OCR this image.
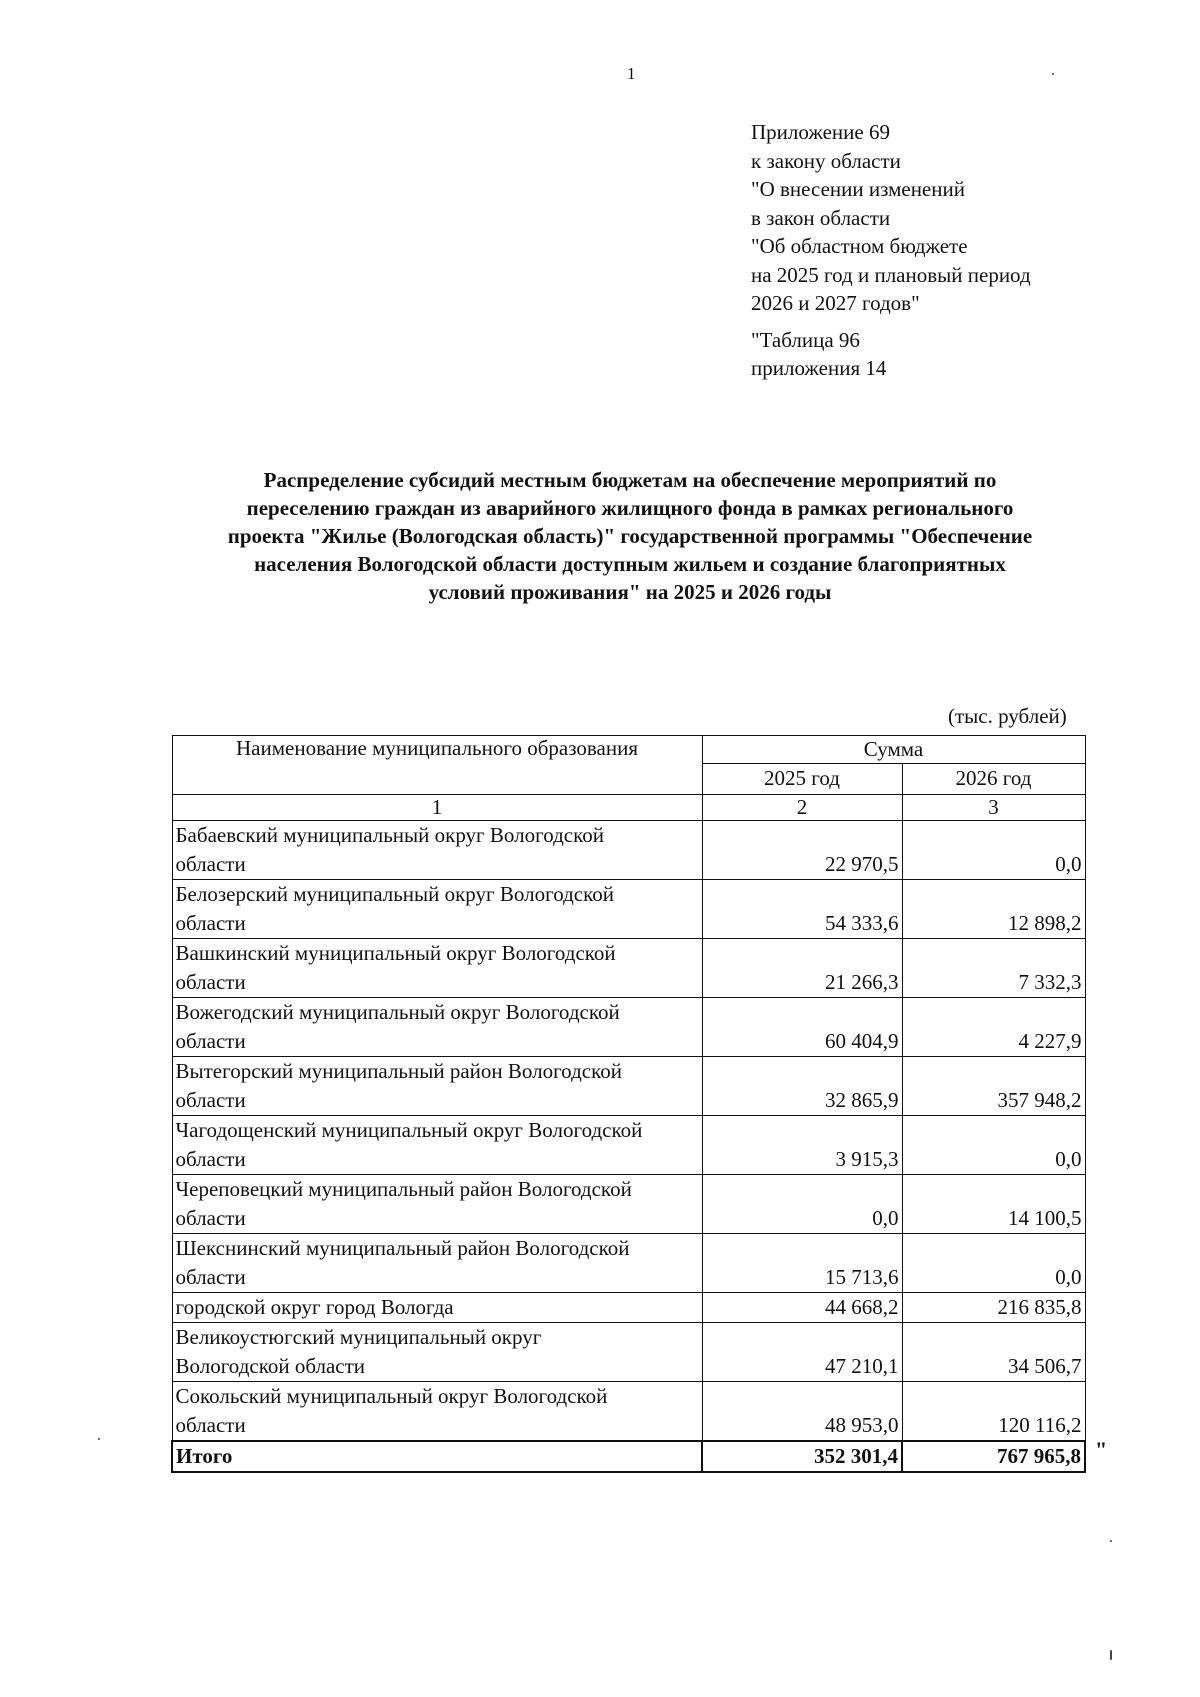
1
Приложение 69
к закону области
"О внесении изменений
в закон области
"Об областном бюджете
на 2025 год и плановый период
2026 и 2027 годов"
"Таблица 96
приложения 14
Распределение субсидий местным бюджетам на обеспечение мероприятий по
переселению граждан из аварийного жилищного фонда в рамках регионального
проекта "Жилье (Вологодская область)" государственной программы "Обеспечение
населения Вологодской области доступным жильем и создание благоприятных
условий проживания" на 2025 и 2026 годы
(тыс. рублей)
Наименование муниципального образования	Сумма	
	2025 год	2026 год
1	2	3

Бабаевский муниципальный округ Вологодской
области	22 970,5	0,0

Белозерский муниципальный округ Вологодской
области	54 333,6	12 898,2

Вашкинский муниципальный округ Вологодской
области	21 266,3	7 332,3

Вожегодский муниципальный округ Вологодской
области	60 404,9	4 227,9

Вытегорский муниципальный район Вологодской
области	32 865,9	357 948,2

Чагодощенский муниципальный округ Вологодской
области	3 915,3	0,0

Череповецкий муниципальный район Вологодской
области	0,0	14 100,5

Шекснинский муниципальный район Вологодской
области	15 713,6	0,0

городской округ город Вологда	44 668,2	216 835,8

Великоустюгский муниципальный округ
Вологодской области	47 210,1	34 506,7

Сокольский муниципальный округ Вологодской
области	48 953,0	120 116,2
Итого	352 301,4	767 965,8 "
